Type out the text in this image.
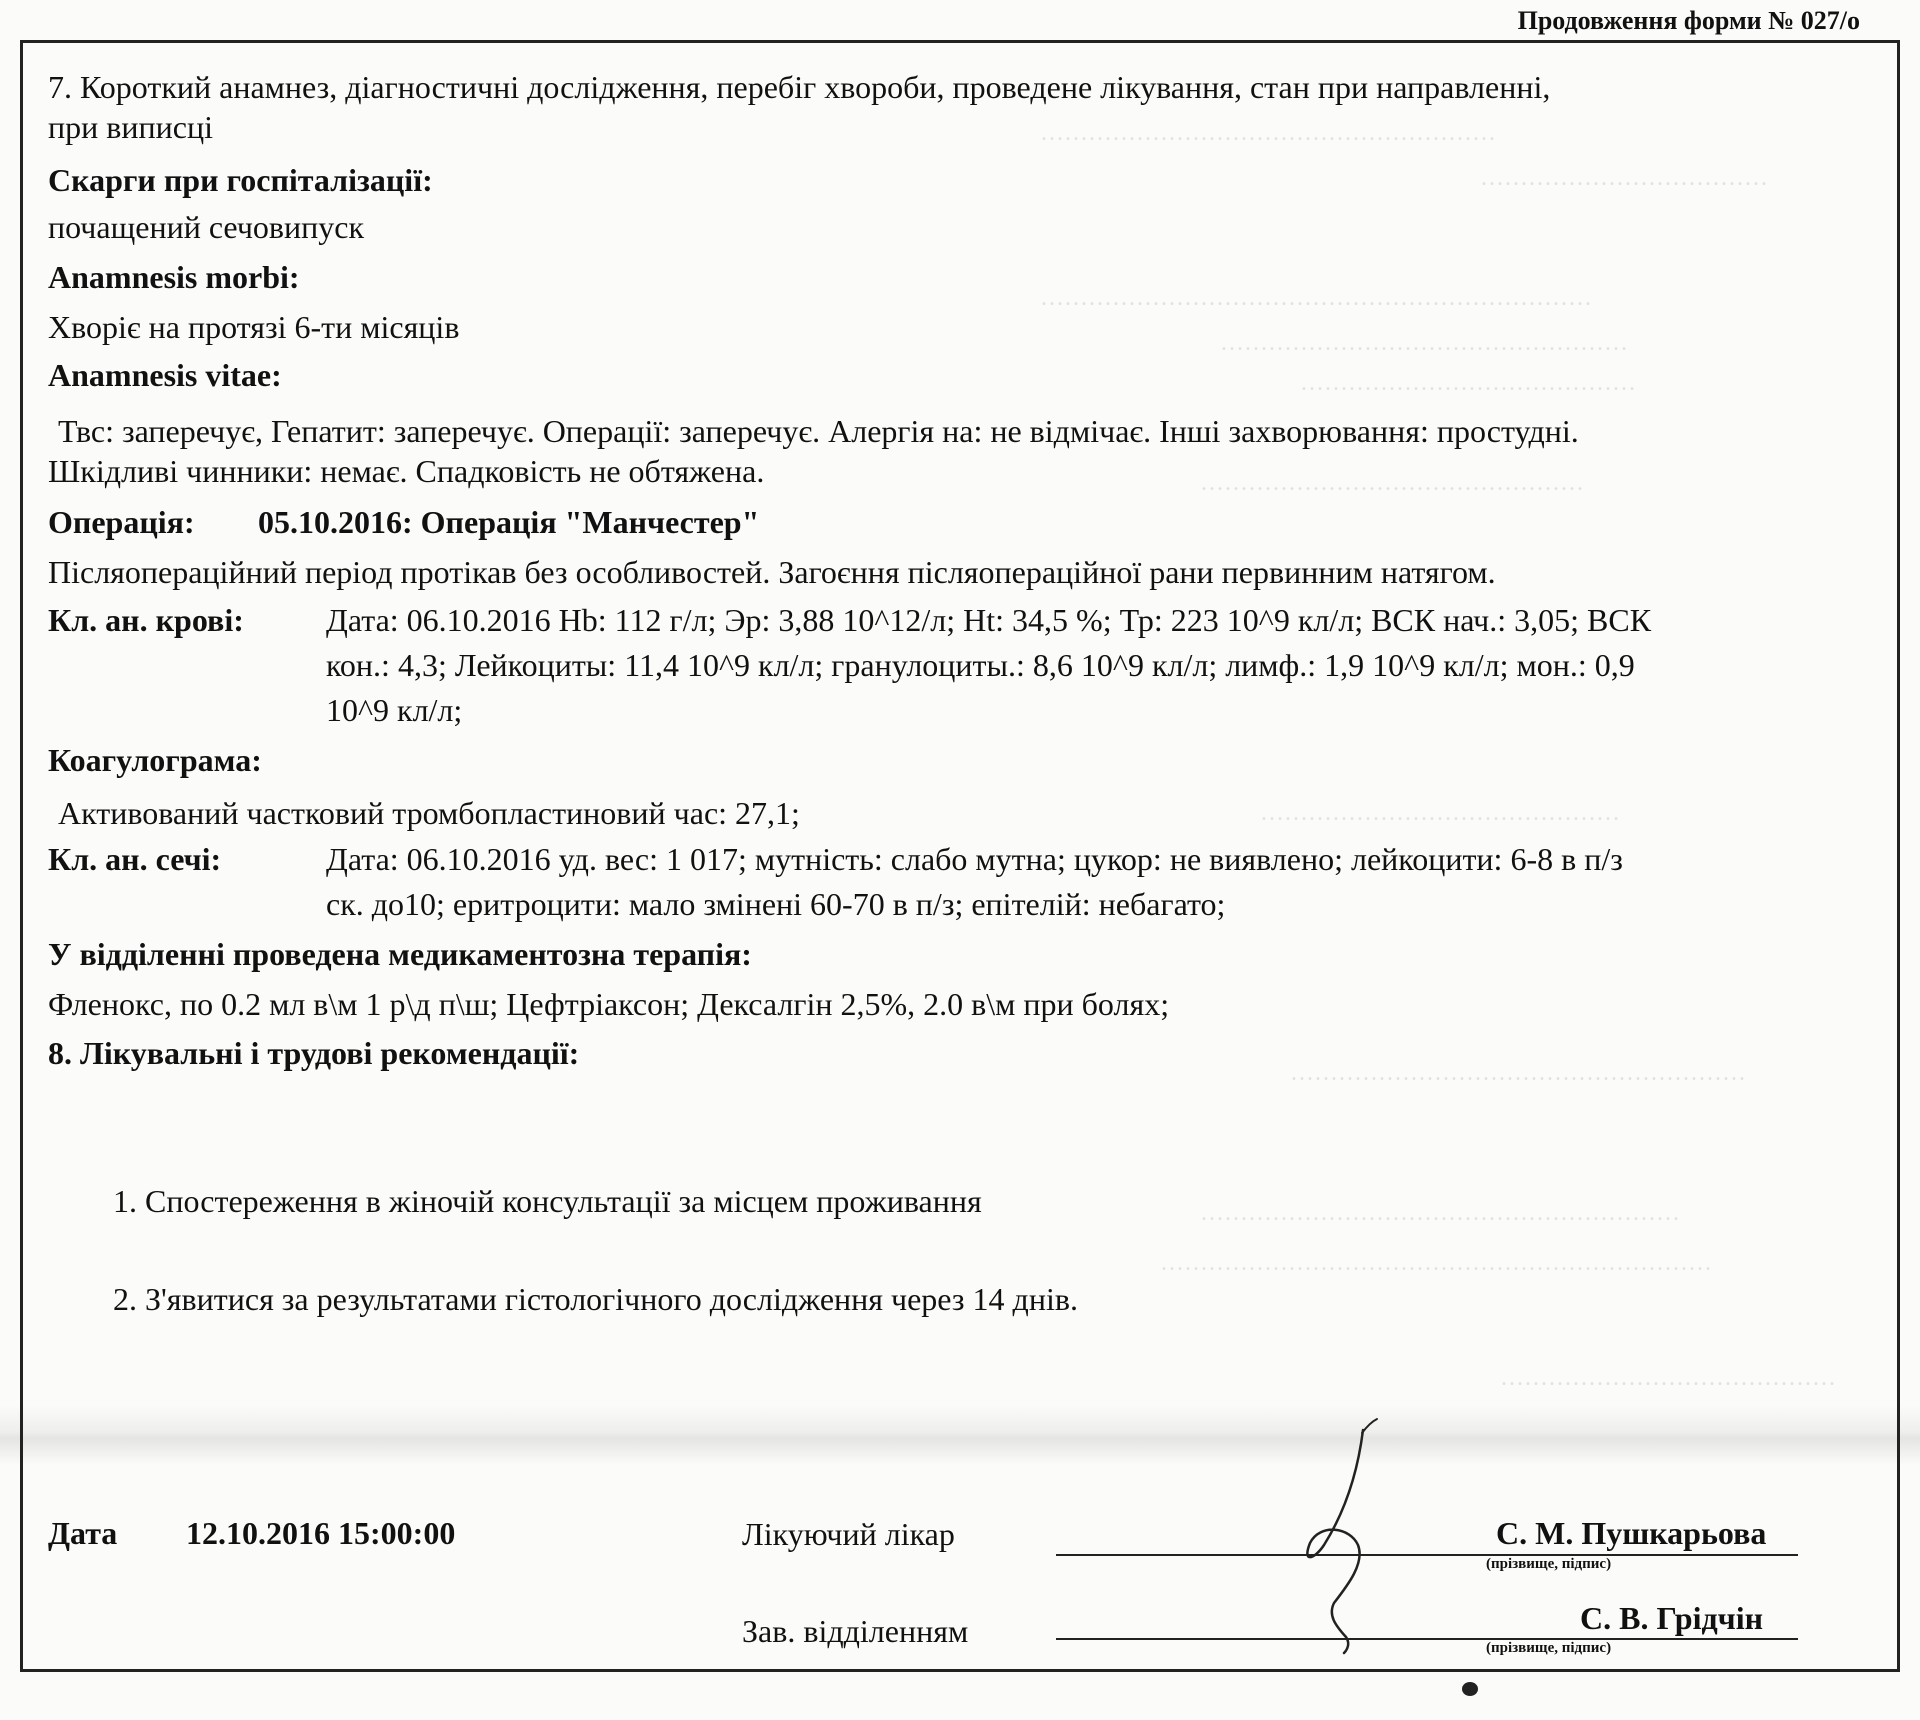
…………………………………………………
………………………………
……………………………………………………………
……………………………………………
……………………………………
…………………………………………
………………………………………
…………………………………………………
……………………………………………………
……………………………………………………………
……………………………………
Продовження форми № 027/о
7. Короткий анамнез, діагностичні дослідження, перебіг хвороби, проведене лікування, стан при направленні,
при виписці
Скарги при госпіталізації:
почащений сечовипуск
Anamnesis morbi:
Хворіє на протязі 6-ти місяців
Anamnesis vitae:
Твс: заперечує, Гепатит: заперечує. Операції: заперечує. Алергія на: не відмічає. Інші захворювання: простудні.
Шкідливі чинники: немає. Спадковість не обтяжена.
Операція: 05.10.2016: Операція "Манчестер"
Післяопераційний період протікав без особливостей. Загоєння післяопераційної рани первинним натягом.
Кл. ан. крові:	Дата: 06.10.2016 Hb: 112 г/л; Эр: 3,88 10^12/л; Ht: 34,5 %; Тр: 223 10^9 кл/л; ВСК нач.: 3,05; ВСК
кон.: 4,3; Лейкоциты: 11,4 10^9 кл/л; гранулоциты.: 8,6 10^9 кл/л; лимф.: 1,9 10^9 кл/л; мон.: 0,9
10^9 кл/л;
Коагулограма:
Активований частковий тромбопластиновий час: 27,1;
Кл. ан. сечі:	Дата: 06.10.2016 уд. вес: 1 017; мутність: слабо мутна; цукор: не виявлено; лейкоцити: 6-8 в п/з
ск. до10; еритроцити: мало змінені 60-70 в п/з; епітелій: небагато;
У відділенні проведена медикаментозна терапія:
Фленокс, по 0.2 мл в\м 1 р\д п\ш; Цефтріаксон; Дексалгін 2,5%, 2.0 в\м при болях;
8. Лікувальні і трудові рекомендації:
1. Спостереження в жіночій консультації за місцем проживання
2. З'явитися за результатами гістологічного дослідження через 14 днів.
Дата 12.10.2016 15:00:00	Лікуючий лікар	С. М. Пушкарьова
(прізвище, підпис)
Зав. відділенням	С. В. Грідчін
(прізвище, підпис)
